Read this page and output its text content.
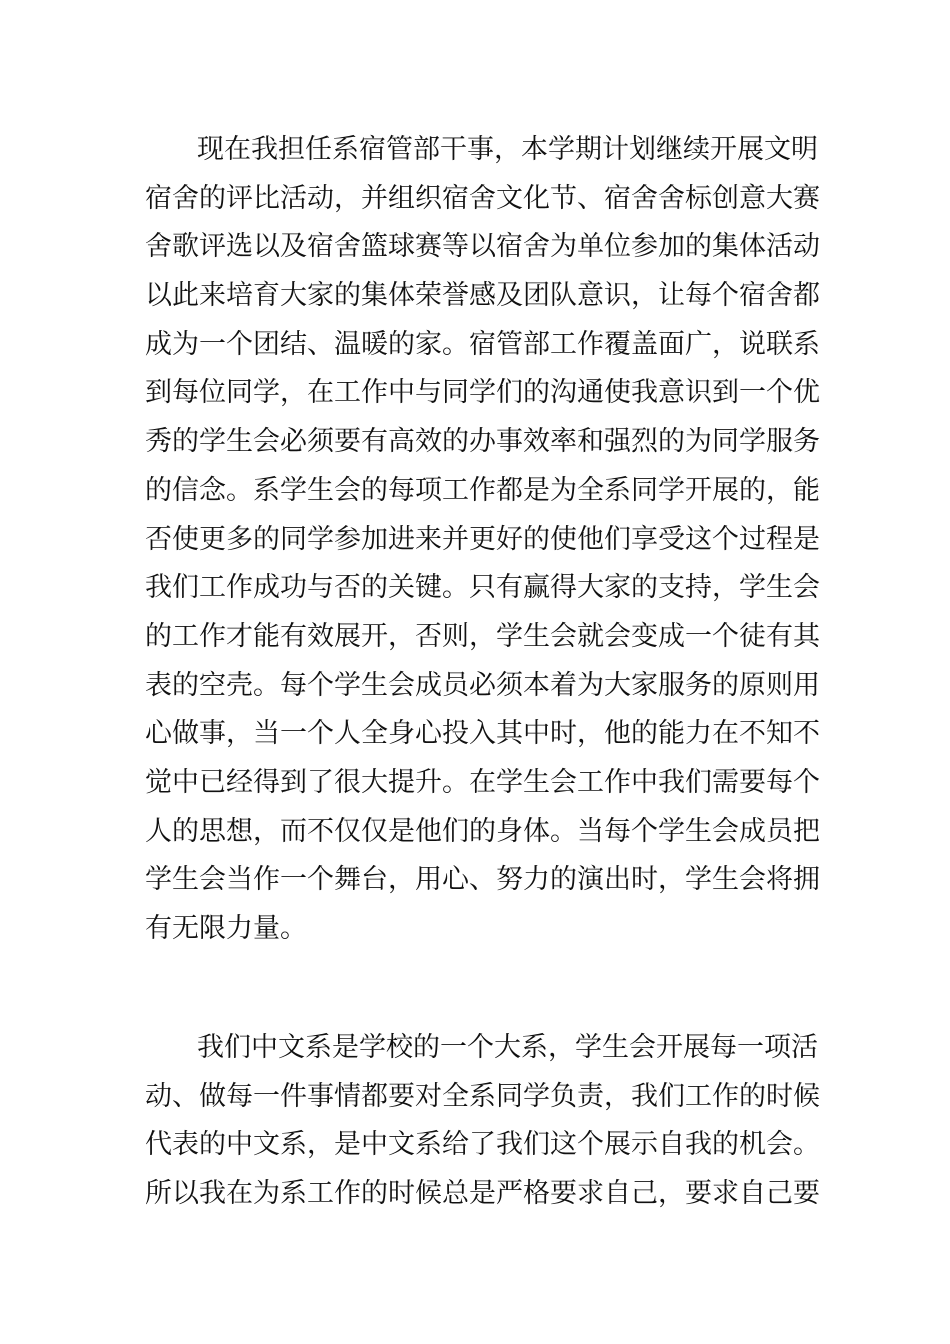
现在我担任系宿管部干事，本学期计划继续开展文明
宿舍的评比活动，并组织宿舍文化节、宿舍舍标创意大赛
舍歌评选以及宿舍篮球赛等以宿舍为单位参加的集体活动
以此来培育大家的集体荣誉感及团队意识，让每个宿舍都
成为一个团结、温暖的家。宿管部工作覆盖面广，说联系
到每位同学，在工作中与同学们的沟通使我意识到一个优
秀的学生会必须要有高效的办事效率和强烈的为同学服务
的信念。系学生会的每项工作都是为全系同学开展的，能
否使更多的同学参加进来并更好的使他们享受这个过程是
我们工作成功与否的关键。只有赢得大家的支持，学生会
的工作才能有效展开，否则，学生会就会变成一个徒有其
表的空壳。每个学生会成员必须本着为大家服务的原则用
心做事，当一个人全身心投入其中时，他的能力在不知不
觉中已经得到了很大提升。在学生会工作中我们需要每个
人的思想，而不仅仅是他们的身体。当每个学生会成员把
学生会当作一个舞台，用心、努力的演出时，学生会将拥
有无限力量。
我们中文系是学校的一个大系，学生会开展每一项活
动、做每一件事情都要对全系同学负责，我们工作的时候
代表的中文系，是中文系给了我们这个展示自我的机会。
所以我在为系工作的时候总是严格要求自己，要求自己要
